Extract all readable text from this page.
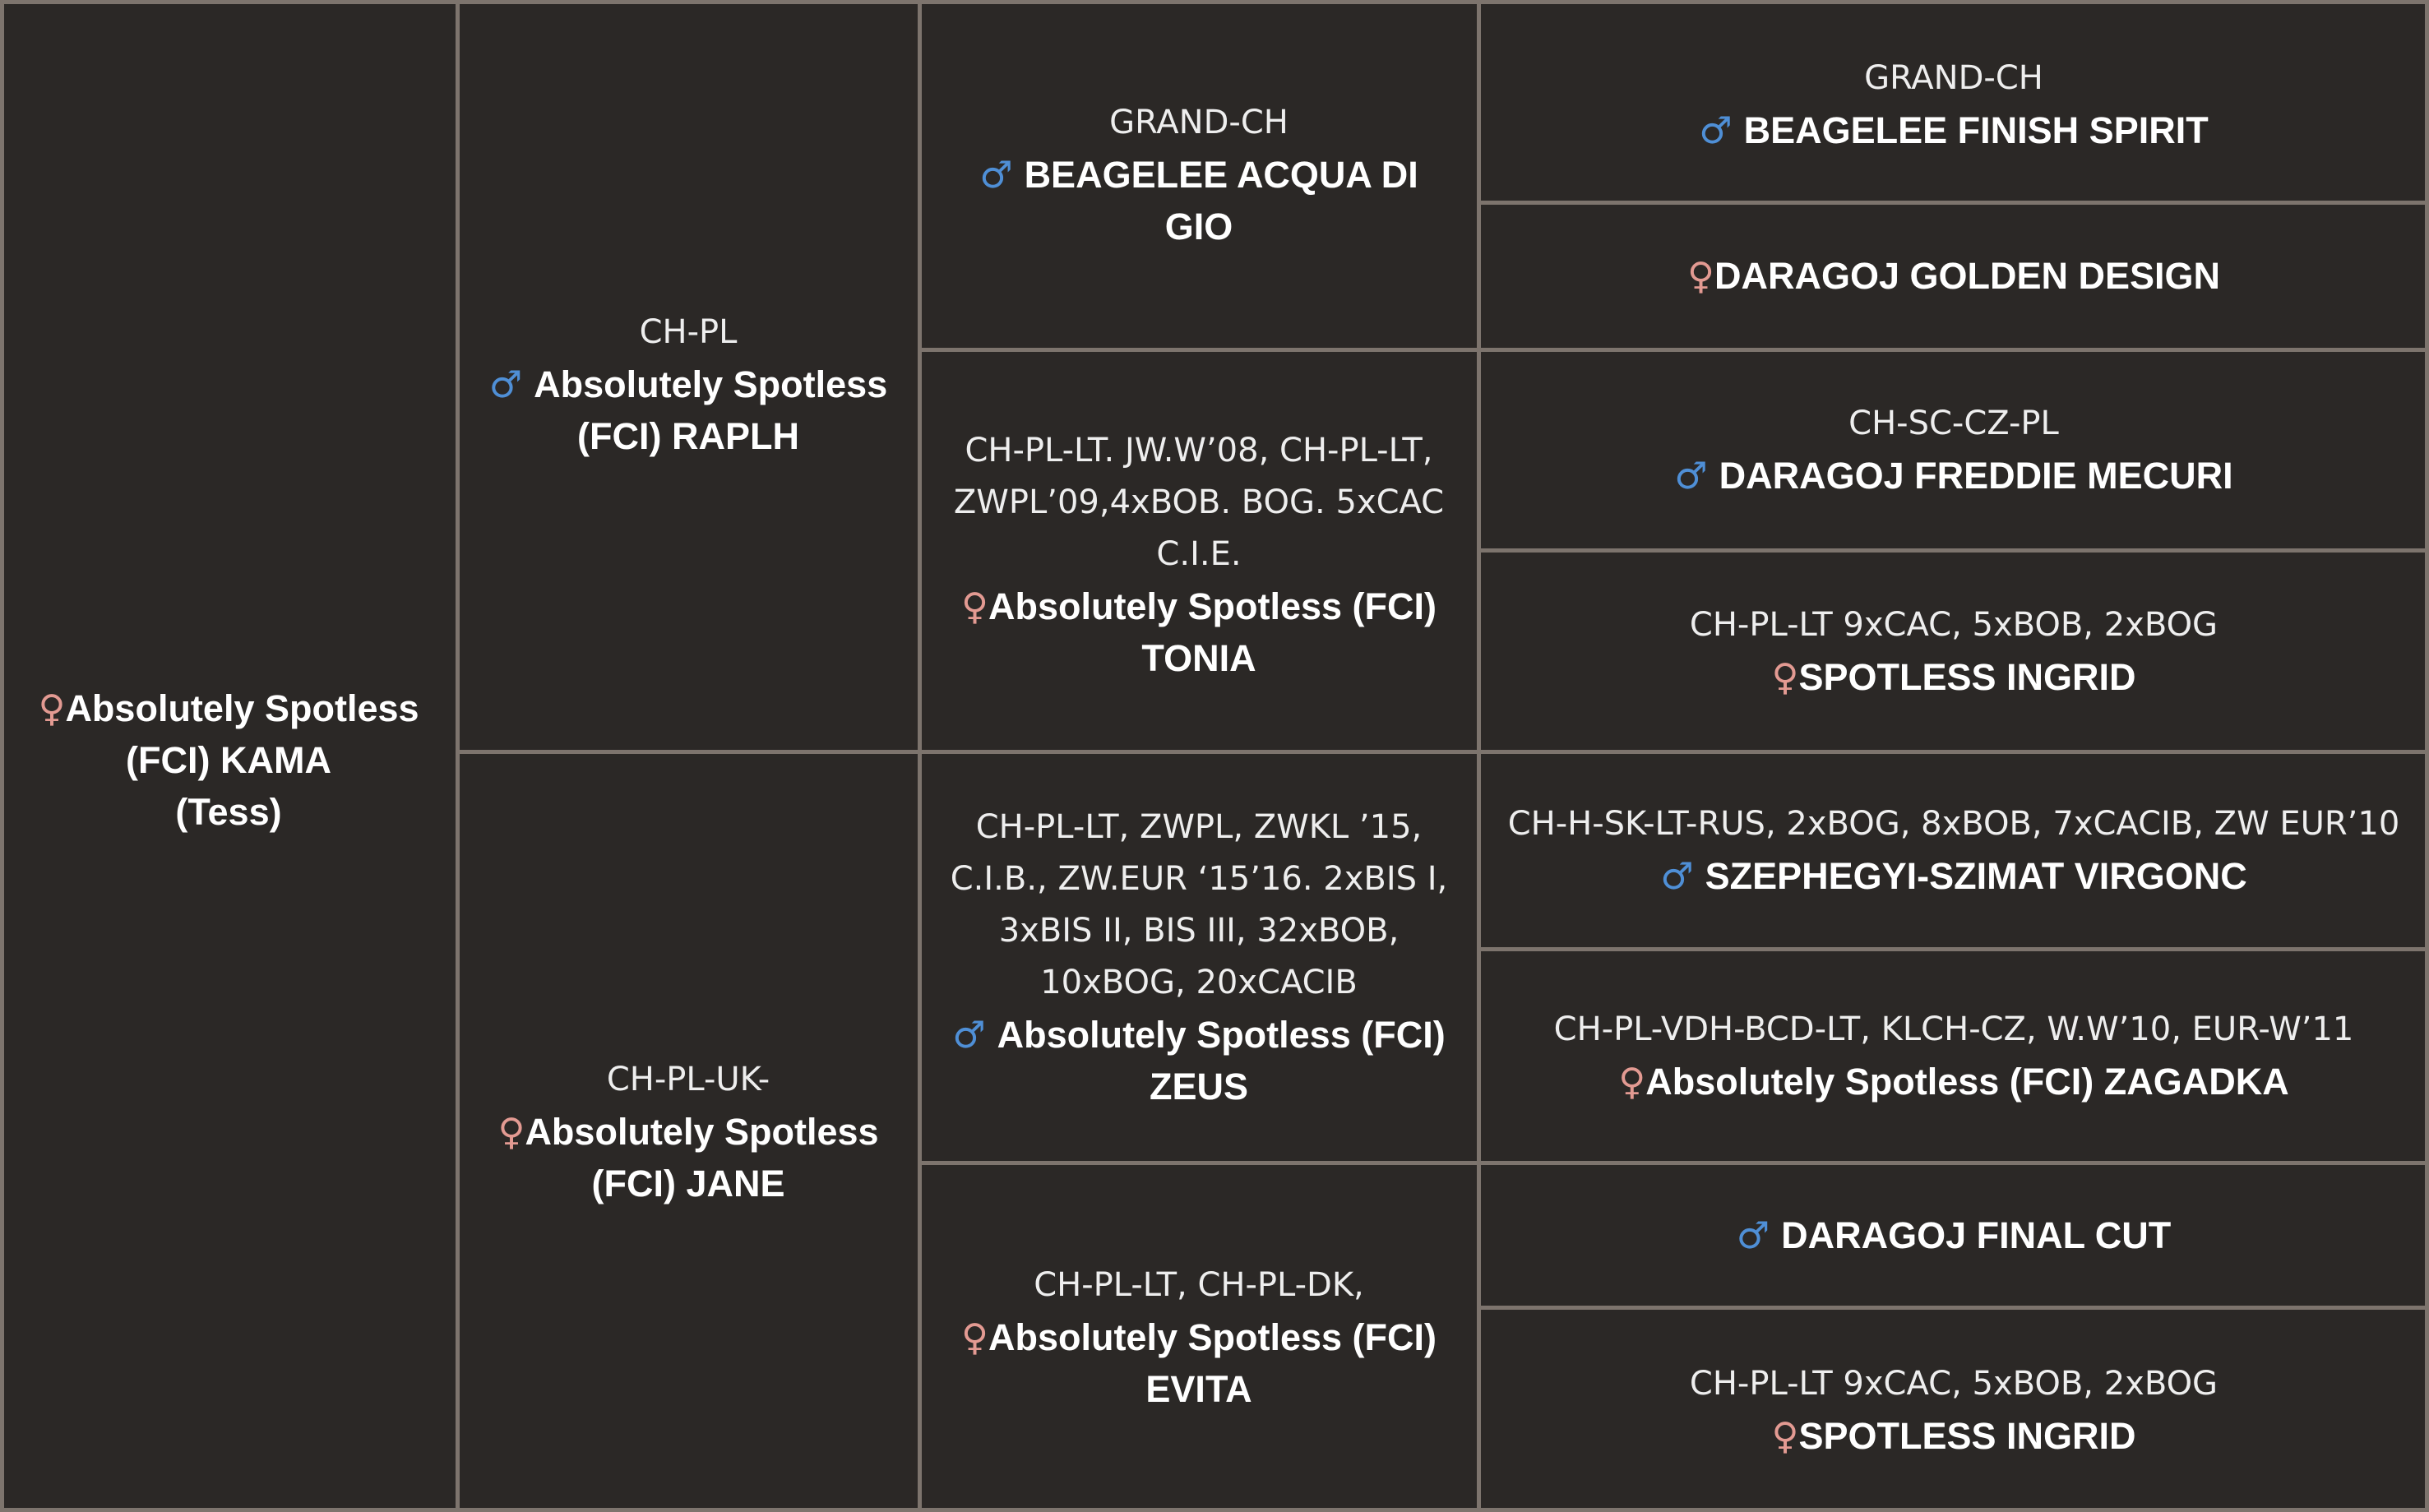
♀Absolutely Spotless (FCI) KAMA
(Tess)
CH-PL
♂ Absolutely Spotless (FCI) RAPLH
CH-PL-UK-
♀Absolutely Spotless (FCI) JANE
GRAND-CH
♂ BEAGELEE ACQUA DI GIO
CH-PL-LT. JW.W’08, CH-PL-LT, ZWPL’09,4xBOB. BOG. 5xCAC C.I.E.
♀Absolutely Spotless (FCI) TONIA
CH-PL-LT, ZWPL, ZWKL ’15, C.I.B., ZW.EUR ‘15’16. 2xBIS I, 3xBIS II, BIS III, 32xBOB, 10xBOG, 20xCACIB
♂ Absolutely Spotless (FCI) ZEUS
CH-PL-LT, CH-PL-DK,
♀Absolutely Spotless (FCI) EVITA
GRAND-CH
♂ BEAGELEE FINISH SPIRIT
♀DARAGOJ GOLDEN DESIGN
CH-SC-CZ-PL
♂ DARAGOJ FREDDIE MECURI
CH-PL-LT 9xCAC, 5xBOB, 2xBOG
♀SPOTLESS INGRID
CH-H-SK-LT-RUS, 2xBOG, 8xBOB, 7xCACIB, ZW EUR’10
♂ SZEPHEGYI-SZIMAT VIRGONC
CH-PL-VDH-BCD-LT, KLCH-CZ, W.W’10, EUR-W’11
♀Absolutely Spotless (FCI) ZAGADKA
♂ DARAGOJ FINAL CUT
CH-PL-LT 9xCAC, 5xBOB, 2xBOG
♀SPOTLESS INGRID
